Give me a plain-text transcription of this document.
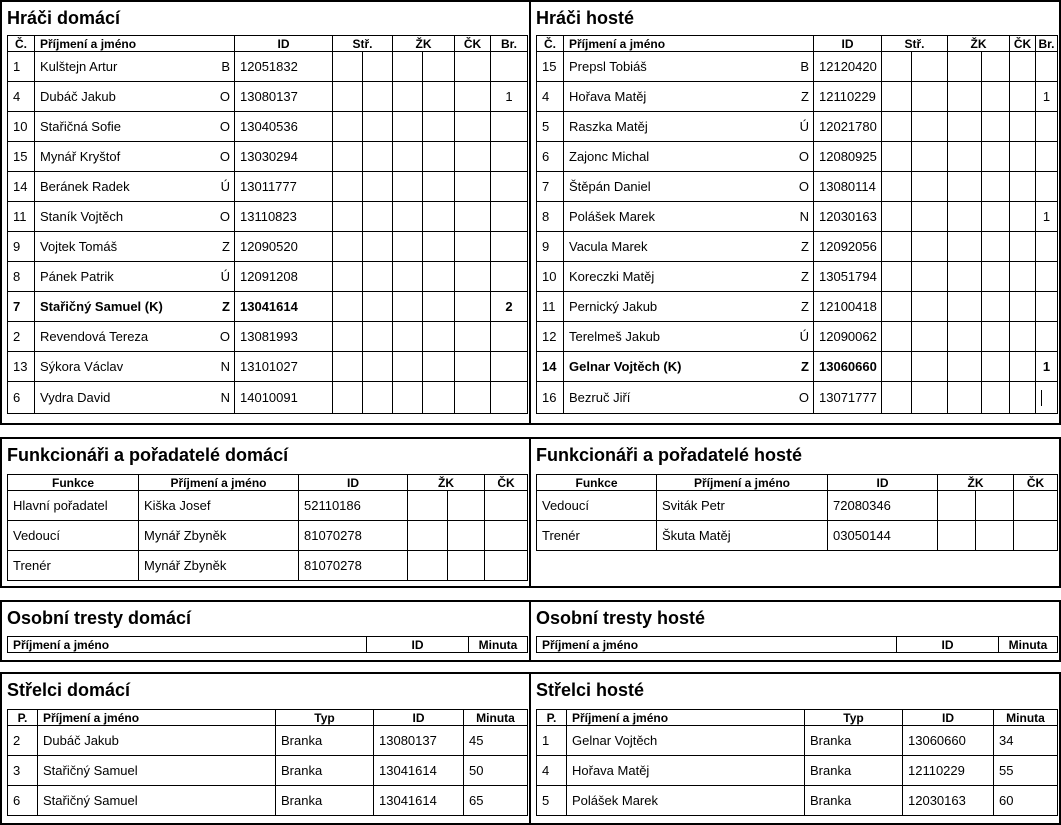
Hráči domácí
Č.	Příjmení a jméno		ID	Stř.		ŽK		ČK	Br.
1	Kulštejn Artur	B	12051832						
4	Dubáč Jakub	O	13080137						1
10	Stařičná Sofie	O	13040536						
15	Mynář Kryštof	O	13030294						
14	Beránek Radek	Ú	13011777						
11	Staník Vojtěch	O	13110823						
9	Vojtek Tomáš	Z	12090520						
8	Pánek Patrik	Ú	12091208						
7	Stařičný Samuel (K)	Z	13041614						2
2	Revendová Tereza	O	13081993						
13	Sýkora Václav	N	13101027						
6	Vydra David	N	14010091						
Hráči hosté
Č.	Příjmení a jméno		ID	Stř.		ŽK		ČK	Br.
15	Prepsl Tobiáš	B	12120420						
4	Hořava Matěj	Z	12110229						1
5	Raszka Matěj	Ú	12021780						
6	Zajonc Michal	O	12080925						
7	Štěpán Daniel	O	13080114						
8	Polášek Marek	N	12030163						1
9	Vacula Marek	Z	12092056						
10	Koreczki Matěj	Z	13051794						
11	Pernický Jakub	Z	12100418						
12	Terelmeš Jakub	Ú	12090062						
14	Gelnar Vojtěch (K)	Z	13060660						1
16	Bezruč Jiří	O	13071777						
Funkcionáři a pořadatelé domácí
Funkce	Příjmení a jméno	ID	ŽK		ČK
Hlavní pořadatel	Kiška Josef	52110186			
Vedoucí	Mynář Zbyněk	81070278			
Trenér	Mynář Zbyněk	81070278			
Funkcionáři a pořadatelé hosté
Funkce	Příjmení a jméno	ID	ŽK		ČK
Vedoucí	Sviták Petr	72080346			
Trenér	Škuta Matěj	03050144			
Osobní tresty domácí
Příjmení a jméno	ID	Minuta
Osobní tresty hosté
Příjmení a jméno	ID	Minuta
Střelci domácí
P.	Příjmení a jméno	Typ	ID	Minuta
2	Dubáč Jakub	Branka	13080137	45
3	Stařičný Samuel	Branka	13041614	50
6	Stařičný Samuel	Branka	13041614	65
Střelci hosté
P.	Příjmení a jméno	Typ	ID	Minuta
1	Gelnar Vojtěch	Branka	13060660	34
4	Hořava Matěj	Branka	12110229	55
5	Polášek Marek	Branka	12030163	60
